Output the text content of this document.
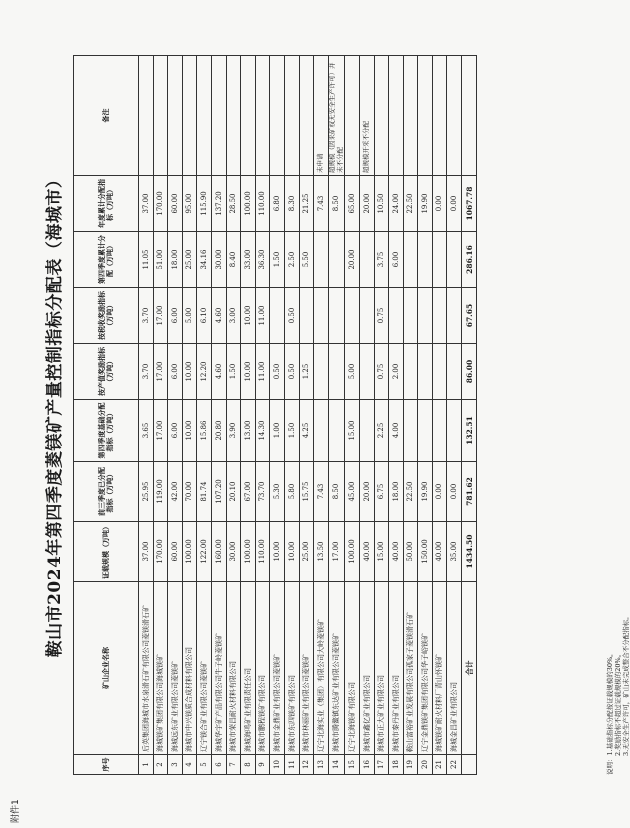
附件1
鞍山市2024年第四季度菱镁矿产量控制指标分配表（海城市）
序号	矿山企业名称	证载规模（万吨）	前三季度已分配指标（万吨）	第四季度基础分配指标（万吨）	按产值奖励指标（万吨）	按税收奖励指标（万吨）	第四季度累计分配（万吨）	年度累计分配指标（万吨）	备注
1	后英集团海城市水泉滑石矿有限公司菱镁滑石矿	37.00	25.95	3.65	3.70	3.70	11.05	37.00	
2	海城镁矿集团有限公司海城镁矿	170.00	119.00	17.00	17.00	17.00	51.00	170.00	
3	海城远东矿业有限公司菱镁矿	60.00	42.00	6.00	6.00	6.00	18.00	60.00	
4	海城市中兴镁质合成材料有限公司	100.00	70.00	10.00	10.00	5.00	25.00	95.00	
5	辽宁镁合矿业有限公司菱镁矿	122.00	81.74	15.86	12.20	6.10	34.16	115.90	
6	海城华宇矿产品有限公司牛子岭菱镁矿	160.00	107.20	20.80	4.60	4.60	30.00	137.20	
7	海城市荣昌耐火材料有限公司	30.00	20.10	3.90	1.50	3.00	8.40	28.50	
8	海城海鸣矿业有限责任公司	100.00	67.00	13.00	10.00	10.00	33.00	100.00	
9	海城市鹏程镁矿有限公司	110.00	73.70	14.30	11.00	11.00	36.30	110.00	
10	海城市金鼎矿业有限公司菱镁矿	10.00	5.30	1.00	0.50		1.50	6.80	
11	海城市东四镁矿有限公司	10.00	5.80	1.50	0.50	0.50	2.50	8.30	
12	海城市林丽矿业有限公司菱镁矿	25.00	15.75	4.25	1.25		5.50	21.25	
13	辽宁北海实业（集团）有限公司大岭菱镁矿	13.50	7.43					7.43	未申请
14	海城市腾鳌镇东达矿业有限公司菱镁矿	17.00	8.50					8.50	超规模（因采矿权无安全生产许可）并未不分配
15	辽宁北海镁矿有限公司	100.00	45.00	15.00	5.00		20.00	65.00	
16	海城市鑫亿矿业有限公司	40.00	20.00					20.00	超规模开采不分配
17	海城市正大矿业有限公司	15.00	6.75	2.25	0.75	0.75	3.75	10.50	
18	海城市秦丹矿业有限公司	40.00	18.00	4.00	2.00		6.00	24.00	
19	鞍山富裕矿业发展有限公司孤家子菱镁滑石矿	50.00	22.50					22.50	
20	辽宁金鼎镁矿集团有限公司华子峪镁矿	150.00	19.90					19.90	
21	海城镁矿耐火材料厂青山怀镁矿	40.00	0.00					0.00	
22	海城金昌矿业有限公司	35.00	0.00					0.00	
	合计	1434.50	781.62	132.51	86.00	67.65	286.16	1067.78	
说明：1.基础指标分配按证载规模的30%。 2.奖励指标不超过证载规模的20%。 3.无安全生产许可，矿山未完成整合不分配指标。
